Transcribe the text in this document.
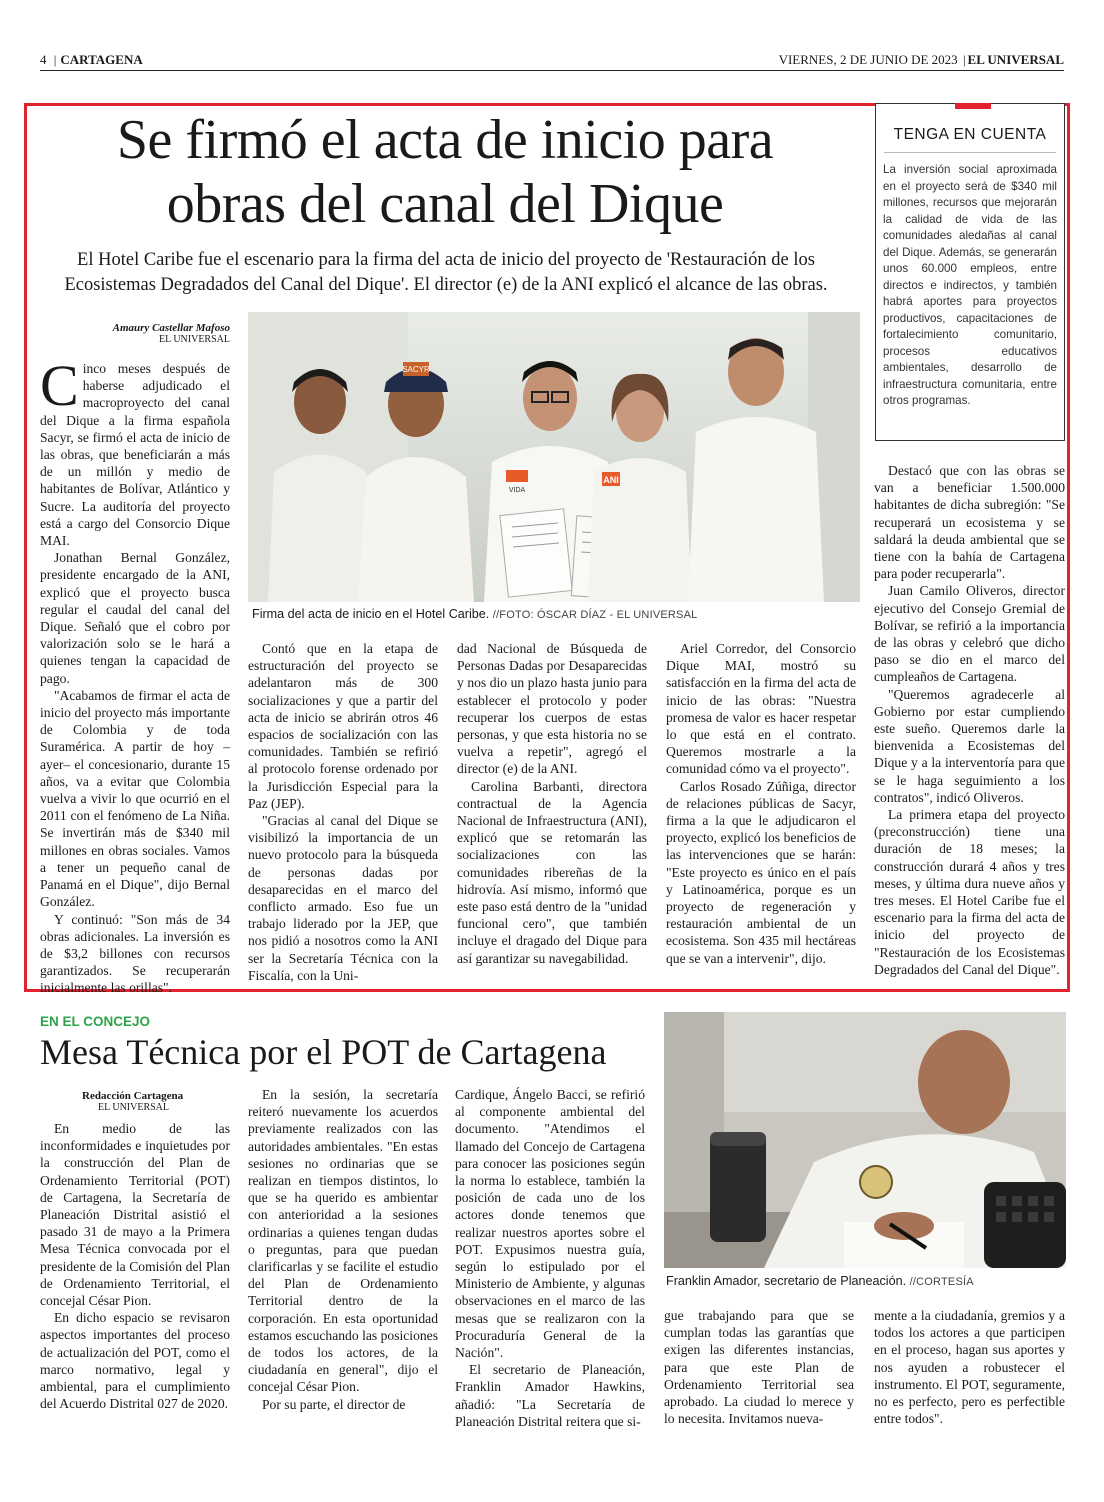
4 | CARTAGENA	VIERNES, 2 DE JUNIO DE 2023 | EL UNIVERSAL
Se firmó el acta de inicio para
obras del canal del Dique
El Hotel Caribe fue el escenario para la firma del acta de inicio del proyecto de 'Restauración de los
Ecosistemas Degradados del Canal del Dique'. El director (e) de la ANI explicó el alcance de las obras.
TENGA EN CUENTA
La inversión social aproximada en el proyecto será de $340 mil millones, recursos que mejorarán la calidad de vida de las comunidades aledañas al canal del Dique. Además, se generarán unos 60.000 empleos, entre directos e indirectos, y también habrá aportes para proyectos productivos, capacitaciones de fortalecimiento comunitario, procesos educativos ambientales, desarrollo de infraestructura comunitaria, entre otros programas.
Amaury Castellar Mafoso
EL UNIVERSAL

Cinco meses después de haberse adjudicado el macroproyecto del canal del Dique a la firma española Sacyr, se firmó el acta de inicio de las obras, que beneficiarán a más de un millón y medio de habitantes de Bolívar, Atlántico y Sucre. La auditoría del proyecto está a cargo del Consorcio Dique MAI.

Jonathan Bernal González, presidente encargado de la ANI, explicó que el proyecto busca regular el caudal del canal del Dique. Señaló que el cobro por valorización solo se le hará a quienes tengan la capacidad de pago.

"Acabamos de firmar el acta de inicio del proyecto más importante de Colombia y de toda Suramérica. A partir de hoy –ayer– el concesionario, durante 15 años, va a evitar que Colombia vuelva a vivir lo que ocurrió en el 2011 con el fenómeno de La Niña. Se invertirán más de $340 mil millones en obras sociales. Vamos a tener un pequeño canal de Panamá en el Dique", dijo Bernal González.

Y continuó: "Son más de 34 obras adicionales. La inversión es de $3,2 billones con recursos garantizados. Se recuperarán inicialmente las orillas".

SACYR
VIDA
ANI
Firma del acta de inicio en el Hotel Caribe. //FOTO: ÓSCAR DÍAZ - EL UNIVERSAL

Contó que en la etapa de estructuración del proyecto se adelantaron más de 300 socializaciones y que a partir del acta de inicio se abrirán otros 46 espacios de socialización con las comunidades. También se refirió al protocolo forense ordenado por la Jurisdicción Especial para la Paz (JEP).

"Gracias al canal del Dique se visibilizó la importancia de un nuevo protocolo para la búsqueda de personas dadas por desaparecidas en el marco del conflicto armado. Eso fue un trabajo liderado por la JEP, que nos pidió a nosotros como la ANI ser la Secretaría Técnica con la Fiscalía, con la Uni-

dad Nacional de Búsqueda de Personas Dadas por Desaparecidas y nos dio un plazo hasta junio para establecer el protocolo y poder recuperar los cuerpos de estas personas, y que esta historia no se vuelva a repetir", agregó el director (e) de la ANI.

Carolina Barbanti, directora contractual de la Agencia Nacional de Infraestructura (ANI), explicó que se retomarán las socializaciones con las comunidades ribereñas de la hidrovía. Así mismo, informó que este paso está dentro de la "unidad funcional cero", que también incluye el dragado del Dique para así garantizar su navegabilidad.

Ariel Corredor, del Consorcio Dique MAI, mostró su satisfacción en la firma del acta de inicio de las obras: "Nuestra promesa de valor es hacer respetar lo que está en el contrato. Queremos mostrarle a la comunidad cómo va el proyecto".

Carlos Rosado Zúñiga, director de relaciones públicas de Sacyr, firma a la que le adjudicaron el proyecto, explicó los beneficios de las intervenciones que se harán: "Este proyecto es único en el país y Latinoamérica, porque es un proyecto de regeneración y restauración ambiental de un ecosistema. Son 435 mil hectáreas que se van a intervenir", dijo.

Destacó que con las obras se van a beneficiar 1.500.000 habitantes de dicha subregión: "Se recuperará un ecosistema y se saldará la deuda ambiental que se tiene con la bahía de Cartagena para poder recuperarla".

Juan Camilo Oliveros, director ejecutivo del Consejo Gremial de Bolívar, se refirió a la importancia de las obras y celebró que dicho paso se dio en el marco del cumpleaños de Cartagena.

"Queremos agradecerle al Gobierno por estar cumpliendo este sueño. Queremos darle la bienvenida a Ecosistemas del Dique y a la interventoría para que se le haga seguimiento a los contratos", indicó Oliveros.

La primera etapa del proyecto (preconstrucción) tiene una duración de 18 meses; la construcción durará 4 años y tres meses, y última dura nueve años y tres meses. El Hotel Caribe fue el escenario para la firma del acta de inicio del proyecto de "Restauración de los Ecosistemas Degradados del Canal del Dique".

EN EL CONCEJO
Mesa Técnica por el POT de Cartagena
Redacción Cartagena
EL UNIVERSAL

En medio de las inconformidades e inquietudes por la construcción del Plan de Ordenamiento Territorial (POT) de Cartagena, la Secretaría de Planeación Distrital asistió el pasado 31 de mayo a la Primera Mesa Técnica convocada por el presidente de la Comisión del Plan de Ordenamiento Territorial, el concejal César Pion.

En dicho espacio se revisaron aspectos importantes del proceso de actualización del POT, como el marco normativo, legal y ambiental, para el cumplimiento del Acuerdo Distrital 027 de 2020.

En la sesión, la secretaría reiteró nuevamente los acuerdos previamente realizados con las autoridades ambientales. "En estas sesiones no ordinarias que se realizan en tiempos distintos, lo que se ha querido es ambientar con anterioridad a la sesiones ordinarias a quienes tengan dudas o preguntas, para que puedan clarificarlas y se facilite el estudio del Plan de Ordenamiento Territorial dentro de la corporación. En esta oportunidad estamos escuchando las posiciones de todos los actores, de la ciudadanía en general", dijo el concejal César Pion.

Por su parte, el director de

Cardique, Ángelo Bacci, se refirió al componente ambiental del documento. "Atendimos el llamado del Concejo de Cartagena para conocer las posiciones según la norma lo establece, también la posición de cada uno de los actores donde tenemos que realizar nuestros aportes sobre el POT. Expusimos nuestra guía, según lo estipulado por el Ministerio de Ambiente, y algunas observaciones en el marco de las mesas que se realizaron con la Procuraduría General de la Nación".

El secretario de Planeación, Franklin Amador Hawkins, añadió: "La Secretaría de Planeación Distrital reitera que si-

Franklin Amador, secretario de Planeación. //CORTESÍA

gue trabajando para que se cumplan todas las garantías que exigen las diferentes instancias, para que este Plan de Ordenamiento Territorial sea aprobado. La ciudad lo merece y lo necesita. Invitamos nueva-

mente a la ciudadanía, gremios y a todos los actores a que participen en el proceso, hagan sus aportes y nos ayuden a robustecer el instrumento. El POT, seguramente, no es perfecto, pero es perfectible entre todos".
